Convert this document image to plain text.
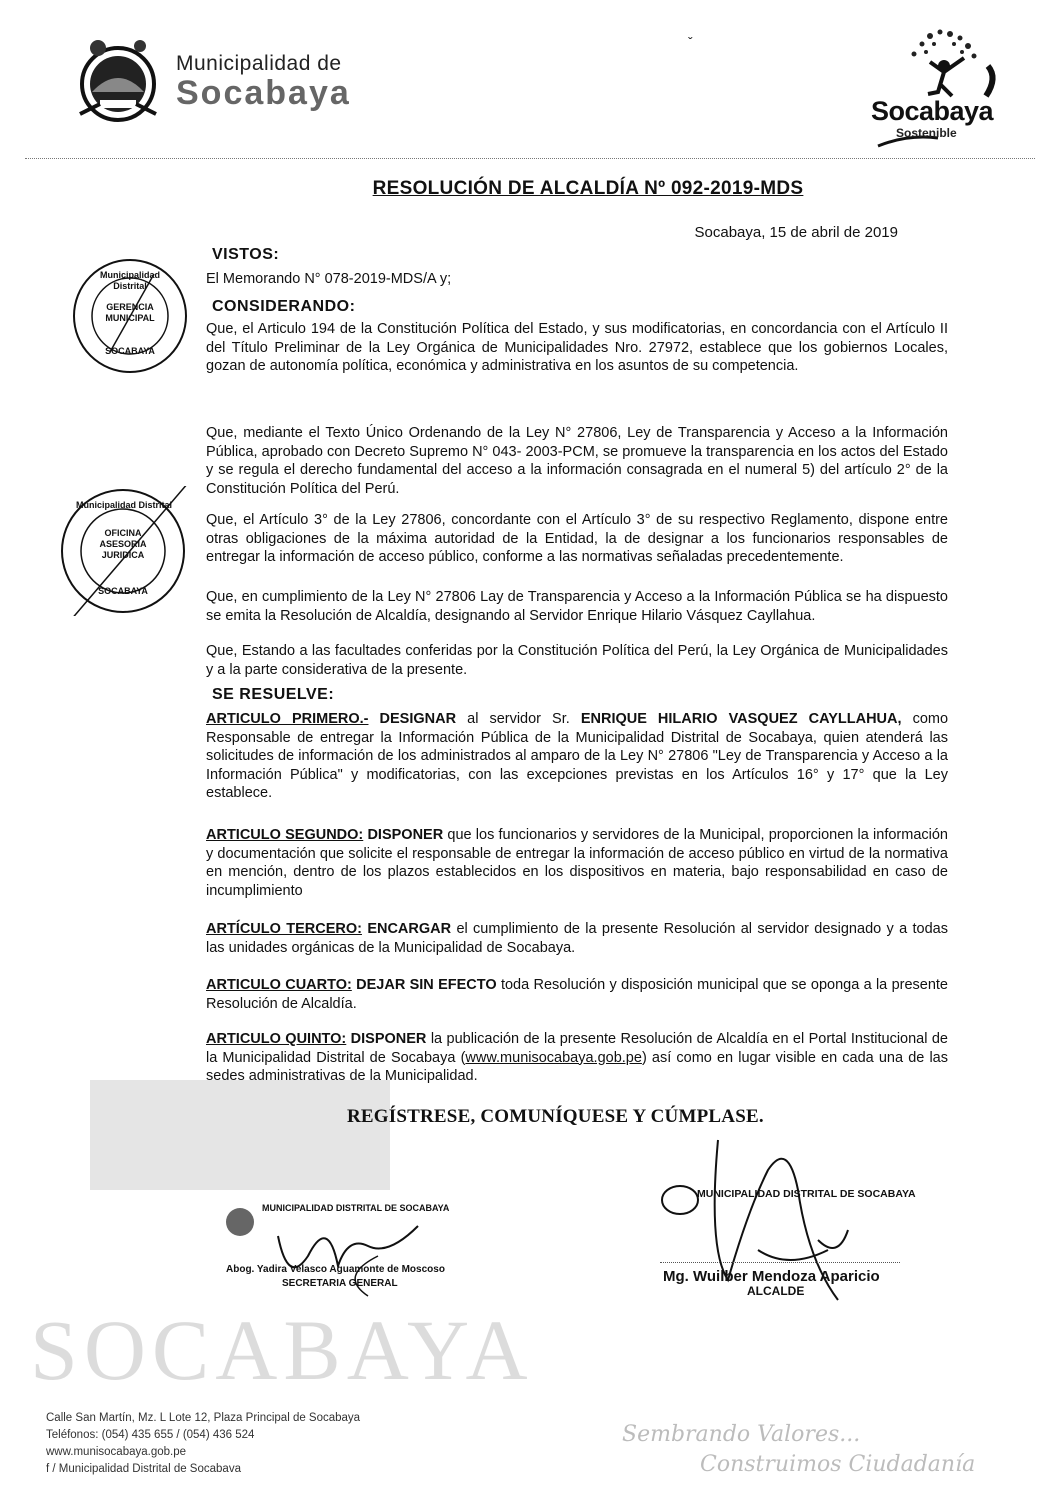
SOCABAYA
Municipalidad de
Socabaya
ˇ
Socabaya
Sostenible
RESOLUCIÓN DE ALCALDÍA Nº 092-2019-MDS
Socabaya, 15 de abril de 2019
VISTOS:
El Memorando N° 078-2019-MDS/A y;
CONSIDERANDO:
Que, el Articulo 194 de la Constitución Política del Estado, y sus modificatorias, en concordancia con el Artículo II del Título Preliminar de la Ley Orgánica de Municipalidades Nro. 27972, establece que los gobiernos Locales, gozan de autonomía política, económica y administrativa en los asuntos de su competencia.
Que, mediante el Texto Único Ordenando de la Ley N° 27806, Ley de Transparencia y Acceso a la Información Pública, aprobado con Decreto Supremo N° 043- 2003-PCM, se promueve la transparencia en los actos del Estado y se regula el derecho fundamental del acceso a la información consagrada en el numeral 5) del artículo 2° de la Constitución Política del Perú.
Que, el Artículo 3° de la Ley 27806, concordante con el Artículo 3° de su respectivo Reglamento, dispone entre otras obligaciones de la máxima autoridad de la Entidad, la de designar a los funcionarios responsables de entregar la información de acceso público, conforme a las normativas señaladas precedentemente.
Que, en cumplimiento de la Ley N° 27806 Lay de Transparencia y Acceso a la Información Pública se ha dispuesto se emita la Resolución de Alcaldía, designando al Servidor Enrique Hilario Vásquez Cayllahua.
Que, Estando a las facultades conferidas por la Constitución Política del Perú, la Ley Orgánica de Municipalidades y a la parte considerativa de la presente.
SE RESUELVE:
ARTICULO PRIMERO.- DESIGNAR al servidor Sr. ENRIQUE HILARIO VASQUEZ CAYLLAHUA, como Responsable de entregar la Información Pública de la Municipalidad Distrital de Socabaya, quien atenderá las solicitudes de información de los administrados al amparo de la Ley N° 27806 "Ley de Transparencia y Acceso a la Información Pública" y modificatorias, con las excepciones previstas en los Artículos 16° y 17° que la Ley establece.
ARTICULO SEGUNDO: DISPONER que los funcionarios y servidores de la Municipal, proporcionen la información y documentación que solicite el responsable de entregar la información de acceso público en virtud de la normativa en mención, dentro de los plazos establecidos en los dispositivos en materia, bajo responsabilidad en caso de incumplimiento
ARTÍCULO TERCERO: ENCARGAR el cumplimiento de la presente Resolución al servidor designado y a todas las unidades orgánicas de la Municipalidad de Socabaya.
ARTICULO CUARTO: DEJAR SIN EFECTO toda Resolución y disposición municipal que se oponga a la presente Resolución de Alcaldía.
ARTICULO QUINTO: DISPONER la publicación de la presente Resolución de Alcaldía en el Portal Institucional de la Municipalidad Distrital de Socabaya (www.munisocabaya.gob.pe) así como en lugar visible en cada una de las sedes administrativas de la Municipalidad.
REGÍSTRESE, COMUNÍQUESE Y CÚMPLASE.
Municipalidad Distrital
GERENCIA MUNICIPAL
SOCABAYA
Municipalidad Distrital
OFICINA ASESORIA JURIDICA
SOCABAYA
MUNICIPALIDAD DISTRITAL DE SOCABAYA
Abog. Yadira Velasco Aguamonte de Moscoso
SECRETARIA GENERAL
MUNICIPALIDAD DISTRITAL DE SOCABAYA
Mg. Wuilber Mendoza Aparicio
ALCALDE
Calle San Martín, Mz. L Lote 12, Plaza Principal de Socabaya
Teléfonos: (054) 435 655 / (054) 436 524
www.munisocabaya.gob.pe
f / Municipalidad Distrital de Socabava
Sembrando Valores...
Construimos Ciudadanía
